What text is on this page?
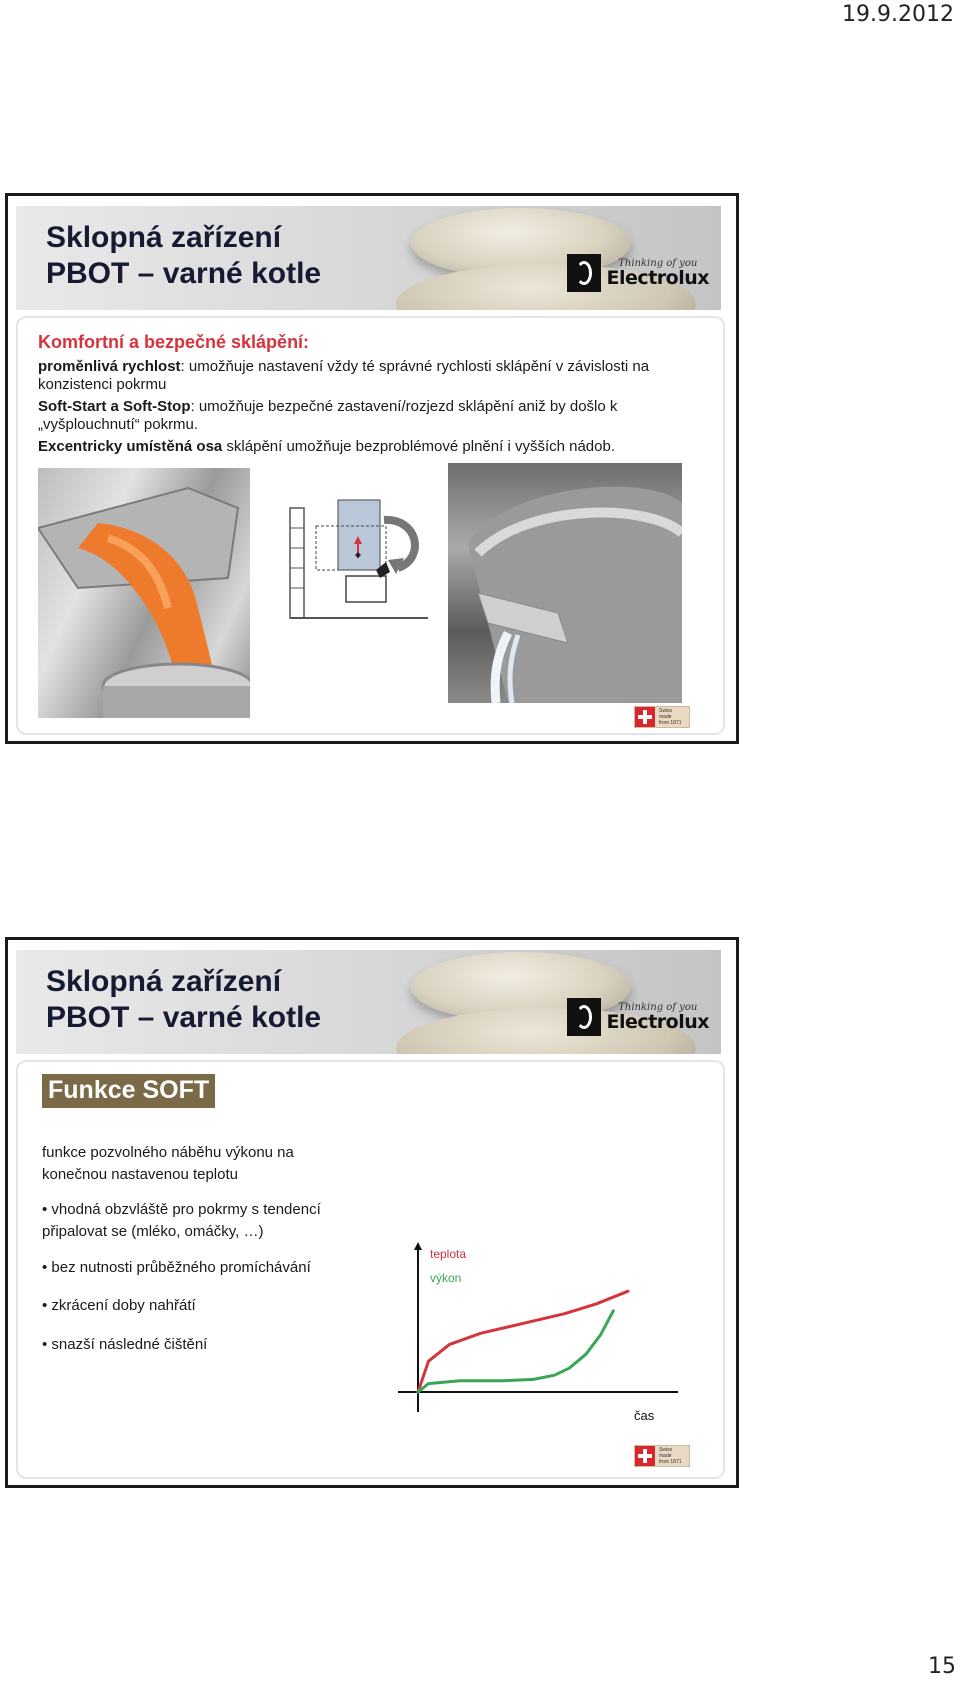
19.9.2012
Sklopná zařízení
PBOT – varné kotle	Thinking of you
Electrolux
Komfortní a bezpečné sklápění:
proměnlivá rychlost: umožňuje nastavení vždy té správné rychlosti sklápění v závislosti na konzistenci pokrmu
Soft-Start a Soft-Stop: umožňuje bezpečné zastavení/rozjezd sklápění aniž by došlo k „vyšplouchnutí“ pokrmu.
Excentricky umístěná osa sklápění umožňuje bezproblémové plnění i vyšších nádob.
Swiss made
from 1871
Sklopná zařízení
PBOT – varné kotle	Thinking of you
Electrolux
Funkce SOFT
funkce pozvolného náběhu výkonu na konečnou nastavenou teplotu
• vhodná obzvláště pro pokrmy s tendencí připalovat se (mléko, omáčky, …)
• bez nutnosti průběžného promíchávání
• zkrácení doby nahřátí
• snazší následné čištění
teplota
výkon
čas
Swiss made
from 1871
15
